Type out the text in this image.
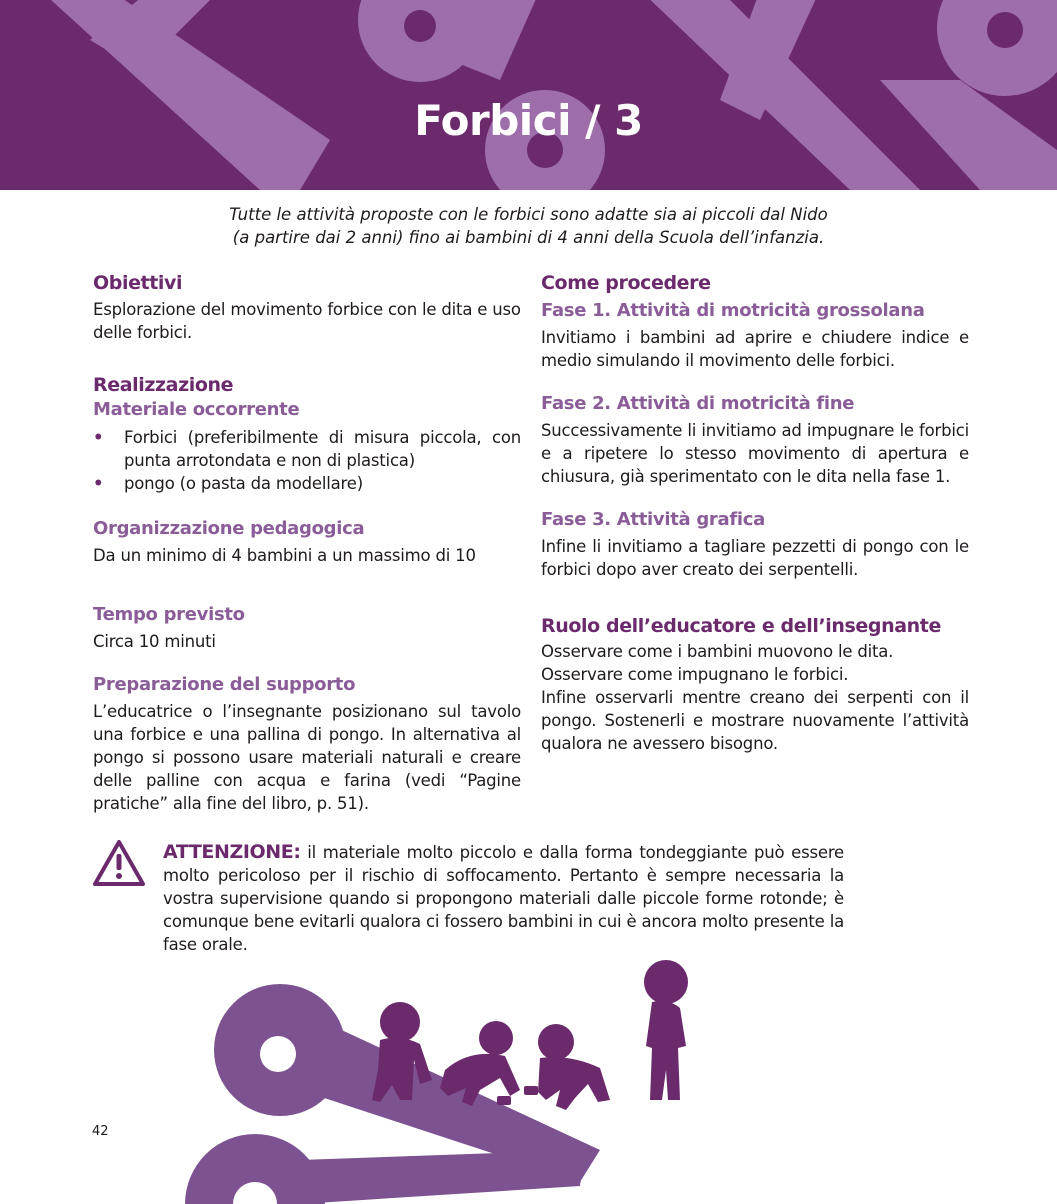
Forbici / 3

Tutte le attività proposte con le forbici sono adatte sia ai piccoli dal Nido

(a partire dai 2 anni) fino ai bambini di 4 anni della Scuola dell’infanzia.

Obiettivi
Esplorazione del movimento forbice con le dita e uso delle forbici.
Realizzazione
Materiale occorrente
• Forbici (preferibilmente di misura piccola, con punta arrotondata e non di plastica)
• pongo (o pasta da modellare)
Organizzazione pedagogica
Da un minimo di 4 bambini a un massimo di 10
Tempo previsto
Circa 10 minuti
Preparazione del supporto
L’educatrice o l’insegnante posizionano sul tavolo una forbice e una pallina di pongo. In alternativa al pongo si possono usare materiali naturali e creare delle palline con acqua e farina (vedi “Pagine pratiche” alla fine del libro, p. 51).
Come procedere
Fase 1. Attività di motricità grossolana
Invitiamo i bambini ad aprire e chiudere indice e medio simulando il movimento delle forbici.
Fase 2. Attività di motricità fine
Successivamente li invitiamo ad impugnare le forbici e a ripetere lo stesso movimento di apertura e chiusura, già sperimentato con le dita nella fase 1.
Fase 3. Attività grafica
Infine li invitiamo a tagliare pezzetti di pongo con le forbici dopo aver creato dei serpentelli.
Ruolo dell’educatore e dell’insegnante
Osservare come i bambini muovono le dita.
Osservare come impugnano le forbici.
Infine osservarli mentre creano dei serpenti con il pongo. Sostenerli e mostrare nuovamente l’attività qualora ne avessero bisogno.
ATTENZIONE: il materiale molto piccolo e dalla forma tondeggiante può essere molto pericoloso per il rischio di soffocamento. Pertanto è sempre necessaria la vostra supervisione quando si propongono materiali dalle piccole forme rotonde; è comunque bene evitarli qualora ci fossero bambini in cui è ancora molto presente la fase orale.
42
